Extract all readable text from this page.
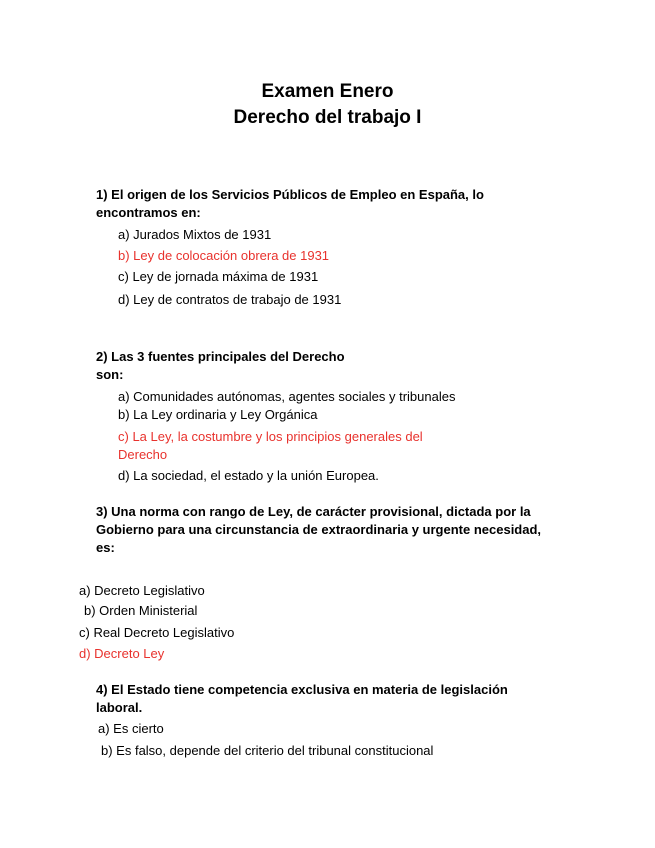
Examen Enero
Derecho del trabajo I
1) El origen de los Servicios Públicos de Empleo en España, lo encontramos en:
a) Jurados Mixtos de 1931
b) Ley de colocación obrera de 1931
c) Ley de jornada máxima de 1931
d) Ley de contratos de trabajo de 1931
2) Las 3 fuentes principales del Derecho
son:
a) Comunidades autónomas, agentes sociales y tribunales
b) La Ley ordinaria y Ley Orgánica
c) La Ley, la costumbre y los principios generales del Derecho
d) La sociedad, el estado y la unión Europea.
3) Una norma con rango de Ley, de carácter provisional, dictada por la Gobierno para una circunstancia de extraordinaria y urgente necesidad, es:
a) Decreto Legislativo
b) Orden Ministerial
c) Real Decreto Legislativo
d) Decreto Ley
4) El Estado tiene competencia exclusiva en materia de legislación laboral.
a) Es cierto
b) Es falso, depende del criterio del tribunal constitucional
